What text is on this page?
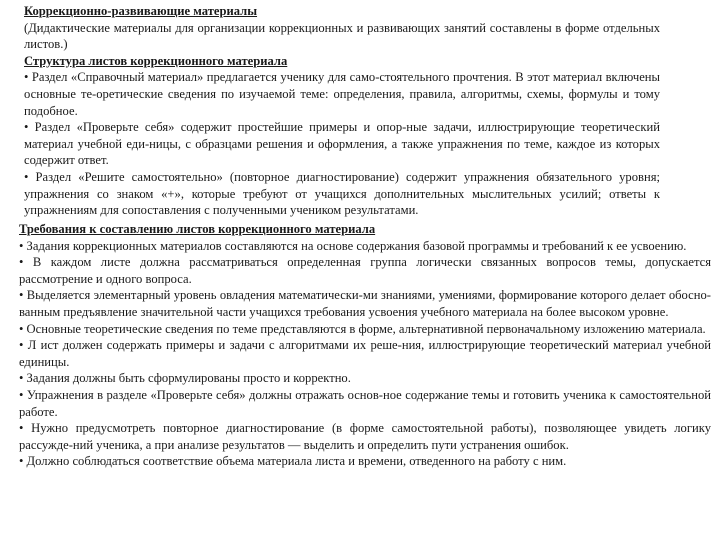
Коррекционно-развивающие материалы

(Дидактические материалы для организации коррекционных и развивающих занятий составлены в форме отдельных листов.)

Структура листов коррекционного материала

• Раздел «Справочный материал» предлагается ученику для само-стоятельного прочтения. В этот материал включены основные те-оретические сведения по изучаемой теме: определения, правила, алгоритмы, схемы, формулы и тому подобное.

• Раздел «Проверьте себя» содержит простейшие примеры и опор-ные задачи, иллюстрирующие теоретический материал учебной еди-ницы, с образцами решения и оформления, а также упражнения по теме, каждое из которых содержит ответ.

• Раздел «Решите самостоятельно» (повторное диагностирование) содержит упражнения обязательного уровня; упражнения со знаком «+», которые требуют от учащихся дополнительных мыслительных усилий; ответы к упражнениям для сопоставления с полученными учеником результатами.

Требования к составлению листов коррекционного материала

• Задания коррекционных материалов составляются на основе содержания базовой программы и требований к ее усвоению.

• В каждом листе должна рассматриваться определенная группа логически связанных вопросов темы, допускается рассмотрение и одного вопроса.

• Выделяется элементарный уровень овладения математически-ми знаниями, умениями, формирование которого делает обосно-ванным предъявление значительной части учащихся требования усвоения учебного материала на более высоком уровне.

• Основные теоретические сведения по теме представляются в форме, альтернативной первоначальному изложению материала.

• Л ист должен содержать примеры и задачи с алгоритмами их реше-ния, иллюстрирующие теоретический материал учебной единицы.

• Задания должны быть сформулированы просто и корректно.

• Упражнения в разделе «Проверьте себя» должны отражать основ-ное содержание темы и готовить ученика к самостоятельной работе.

• Нужно предусмотреть повторное диагностирование (в форме самостоятельной работы), позволяющее увидеть логику рассужде-ний ученика, а при анализе результатов — выделить и определить пути устранения ошибок.

• Должно соблюдаться соответствие объема материала листа и времени, отведенного на работу с ним.
